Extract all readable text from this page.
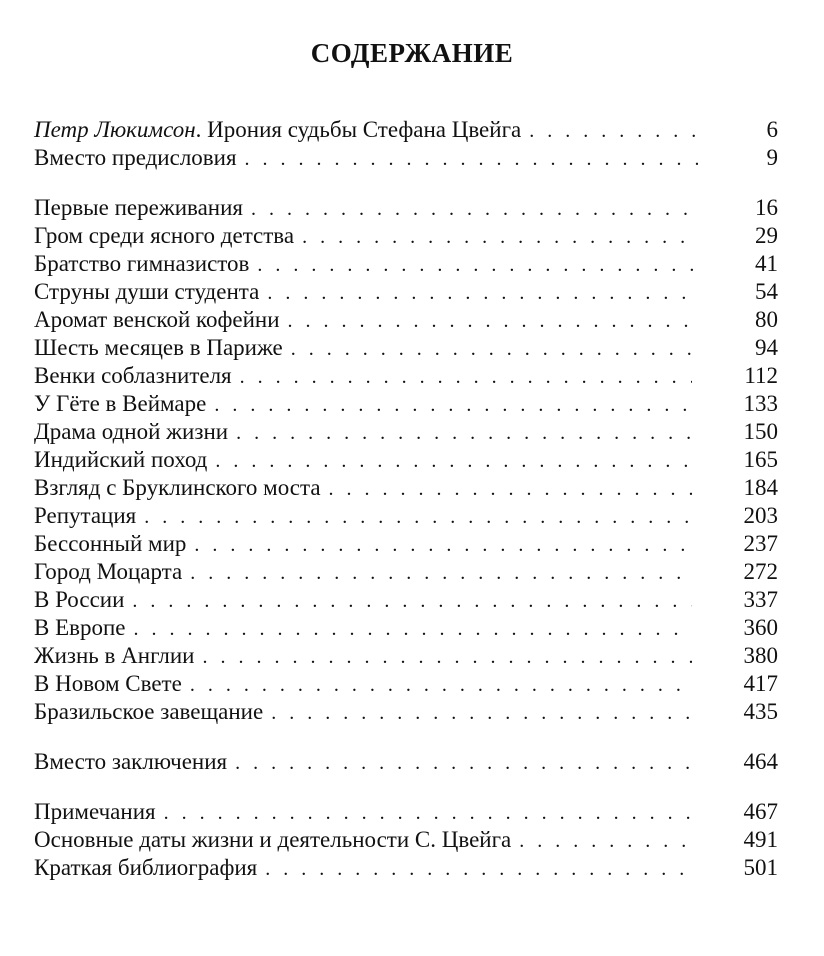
СОДЕРЖАНИЕ
Петр Люкимсон. Ирония судьбы Стефана Цвейга . . .	6
Вместо предисловия . . .	9
Первые переживания . . .	16
Гром среди ясного детства . . .	29
Братство гимназистов . . .	41
Струны души студента . . .	54
Аромат венской кофейни . . .	80
Шесть месяцев в Париже . . .	94
Венки соблазнителя . . .	112
У Гёте в Веймаре . . .	133
Драма одной жизни . . .	150
Индийский поход . . .	165
Взгляд с Бруклинского моста . . .	184
Репутация . . .	203
Бессонный мир . . .	237
Город Моцарта . . .	272
В России . . .	337
В Европе . . .	360
Жизнь в Англии . . .	380
В Новом Свете . . .	417
Бразильское завещание . . .	435
Вместо заключения . . .	464
Примечания . . .	467
Основные даты жизни и деятельности С. Цвейга . . .	491
Краткая библиография . . .	501
